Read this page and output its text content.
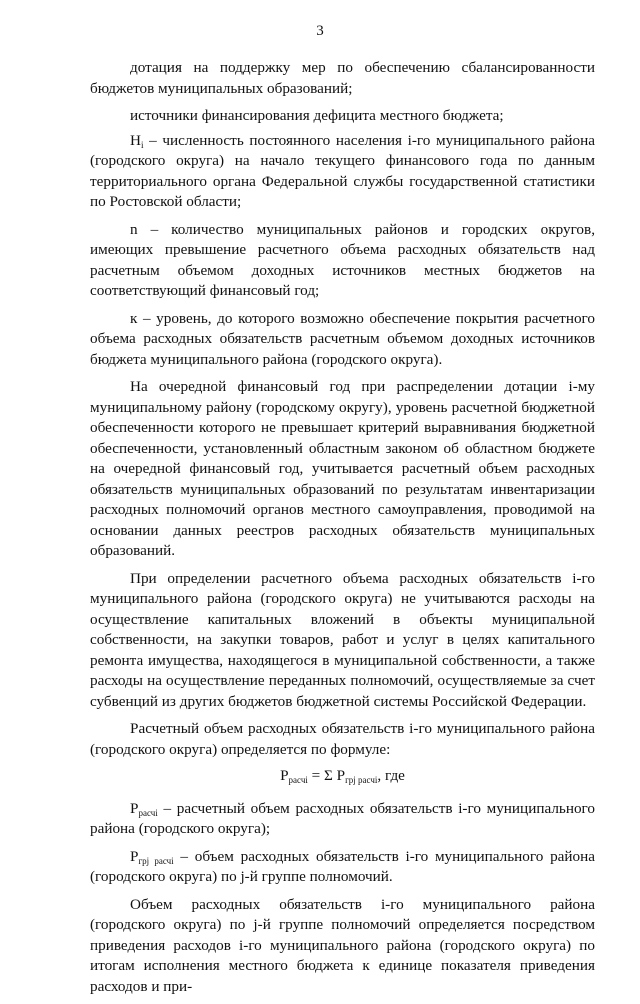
3

дотация на поддержку мер по обеспечению сбалансированности бюджетов муниципальных образований;

источники финансирования дефицита местного бюджета;

$Н_i$ – численность постоянного населения i-го муниципального района (городского округа) на начало текущего финансового года по данным территориального органа Федеральной службы государственной статистики по Ростовской области;

n – количество муниципальных районов и городских округов, имеющих превышение расчетного объема расходных обязательств над расчетным объемом доходных источников местных бюджетов на соответствующий финансовый год;

к – уровень, до которого возможно обеспечение покрытия расчетного объема расходных обязательств расчетным объемом доходных источников бюджета муниципального района (городского округа).

На очередной финансовый год при распределении дотации i-му муниципальному району (городскому округу), уровень расчетной бюджетной обеспеченности которого не превышает критерий выравнивания бюджетной обеспеченности, установленный областным законом об областном бюджете на очередной финансовый год, учитывается расчетный объем расходных обязательств муниципальных образований по результатам инвентаризации расходных полномочий органов местного самоуправления, проводимой на основании данных реестров расходных обязательств муниципальных образований.

При определении расчетного объема расходных обязательств i-го муниципального района (городского округа) не учитываются расходы на осуществление капитальных вложений в объекты муниципальной собственности, на закупки товаров, работ и услуг в целях капитального ремонта имущества, находящегося в муниципальной собственности, а также расходы на осуществление переданных полномочий, осуществляемые за счет субвенций из других бюджетов бюджетной системы Российской Федерации.

Расчетный объем расходных обязательств i-го муниципального района (городского округа) определяется по формуле:

$P_{расчi} = \Sigma$ $P_{грj расчi}$, где

$P_{расчi}$ – расчетный объем расходных обязательств i-го муниципального района (городского округа);

$P_{грj расчi}$ – объем расходных обязательств i-го муниципального района (городского округа) по j-й группе полномочий.

Объем расходных обязательств i-го муниципального района (городского округа) по j-й группе полномочий определяется посредством приведения расходов i-го муниципального района (городского округа) по итогам исполнения местного бюджета к единице показателя приведения расходов и при-
